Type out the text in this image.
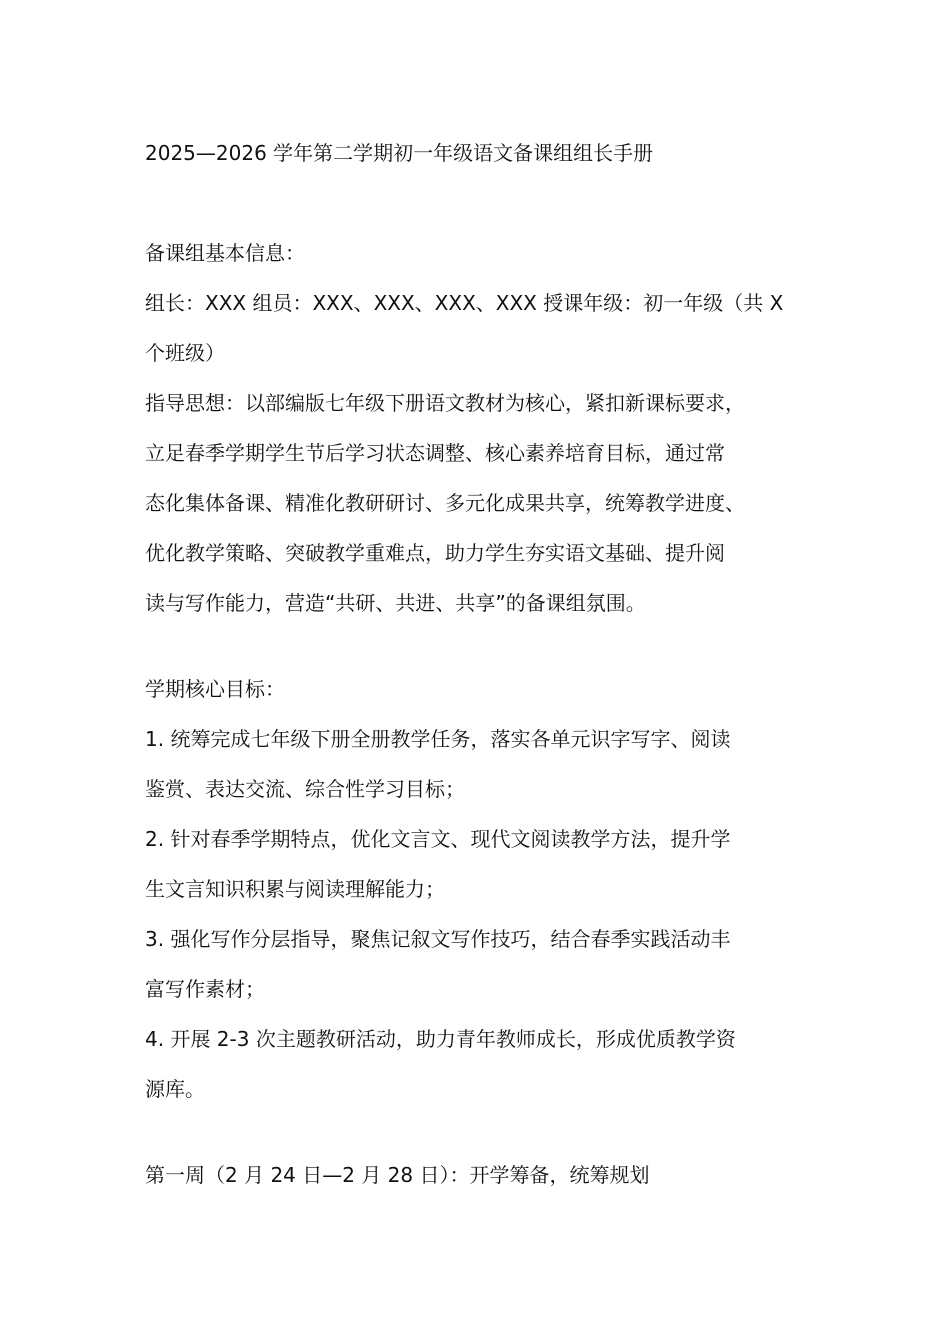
2025—2026 学年第二学期初一年级语文备课组组长手册
备课组基本信息：
组长：XXX 组员：XXX、XXX、XXX、XXX 授课年级：初一年级（共 X
个班级）
指导思想：以部编版七年级下册语文教材为核心，紧扣新课标要求，
立足春季学期学生节后学习状态调整、核心素养培育目标，通过常
态化集体备课、精准化教研研讨、多元化成果共享，统筹教学进度、
优化教学策略、突破教学重难点，助力学生夯实语文基础、提升阅
读与写作能力，营造“共研、共进、共享”的备课组氛围。
学期核心目标：
1. 统筹完成七年级下册全册教学任务，落实各单元识字写字、阅读
鉴赏、表达交流、综合性学习目标；
2. 针对春季学期特点，优化文言文、现代文阅读教学方法，提升学
生文言知识积累与阅读理解能力；
3. 强化写作分层指导，聚焦记叙文写作技巧，结合春季实践活动丰
富写作素材；
4. 开展 2-3 次主题教研活动，助力青年教师成长，形成优质教学资
源库。
第一周（2 月 24 日—2 月 28 日）：开学筹备，统筹规划
